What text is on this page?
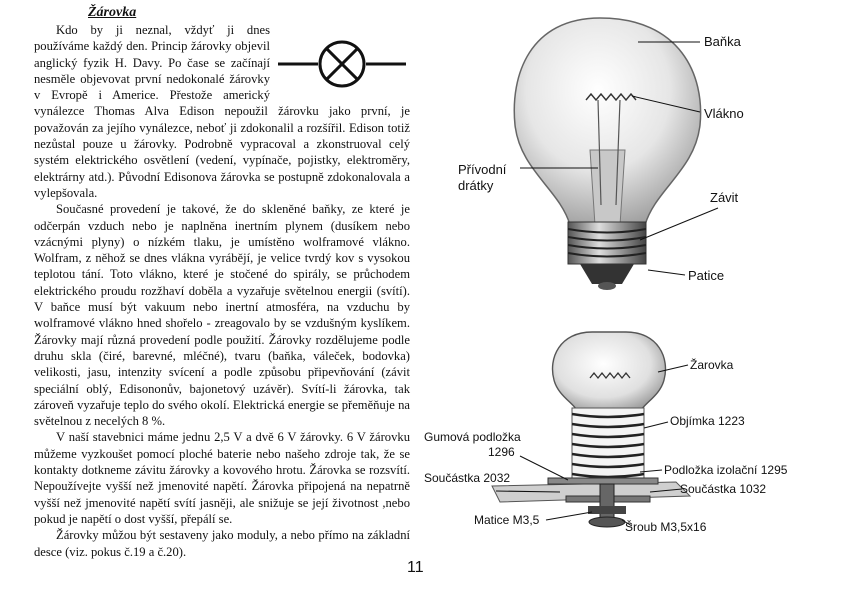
Žárovka

Kdo by ji neznal, vždyť ji dnes používáme každý den. Princip žárovky objevil anglický fyzik H. Davy. Po čase se začínají nesměle objevovat první nedokonalé žárovky v Evropě i Americe. Přestože americký vynálezce Thomas Alva Edison nepoužil žárovku jako první, je považován za jejího vynálezce, neboť ji zdokonalil a rozšířil. Edison totiž nezůstal pouze u žárovky. Podrobně vypracoval a zkonstruoval celý systém elektrického osvětlení (vedení, vypínače, pojistky, elektroměry, elektrárny atd.). Původní Edisonova žárovka se postupně zdokonalovala a vylepšovala.

Současné provedení je takové, že do skleněné baňky, ze které je odčerpán vzduch nebo je naplněna inertním plynem (dusíkem nebo vzácnými plyny) o nízkém tlaku, je umístěno wolframové vlákno. Wolfram, z něhož se dnes vlákna vyrábějí, je velice tvrdý kov s vysokou teplotou tání. Toto vlákno, které je stočené do spirály, se průchodem elektrického proudu rozžhaví doběla a vyzařuje světelnou energii (svítí). V baňce musí být vakuum nebo inertní atmosféra, na vzduchu by wolframové vlákno hned shořelo - zreagovalo by se vzdušným kyslíkem. Žárovky mají různá provedení podle použití. Žárovky rozdělujeme podle druhu skla (čiré, barevné, mléčné), tvaru (baňka, váleček, bodovka) velikosti, jasu, intenzity svícení a podle způsobu připevňování (závit speciální oblý, Edisononův, bajonetový uzávěr). Svítí-li žárovka, tak zároveň vyzařuje teplo do svého okolí. Elektrická energie se přeměňuje na světelnou z necelých 8 %.

V naší stavebnici máme jednu 2,5 V a dvě 6 V žárovky. 6 V žárovku můžeme vyzkoušet pomocí ploché baterie nebo našeho zdroje tak, že se kontakty dotkneme závitu žárovky a kovového hrotu. Žárovka se rozsvítí. Nepoužívejte vyšší než jmenovité napětí. Žárovka připojená na nepatrně vyšší než jmenovité napětí svítí jasněji, ale snižuje se její životnost ,nebo pokud je napětí o dost vyšší, přepálí se.

Žárovky můžou být sestaveny jako moduly, a nebo přímo na základní desce (viz. pokus č.19 a č.20).

11
Baňka
Vlákno
Přívodní
drátky
Závit
Patice
Žarovka
Objímka 1223
Gumová podložka
1296
Podložka izolační 1295
Součástka 2032
Součástka 1032
Matice M3,5	Šroub M3,5x16
